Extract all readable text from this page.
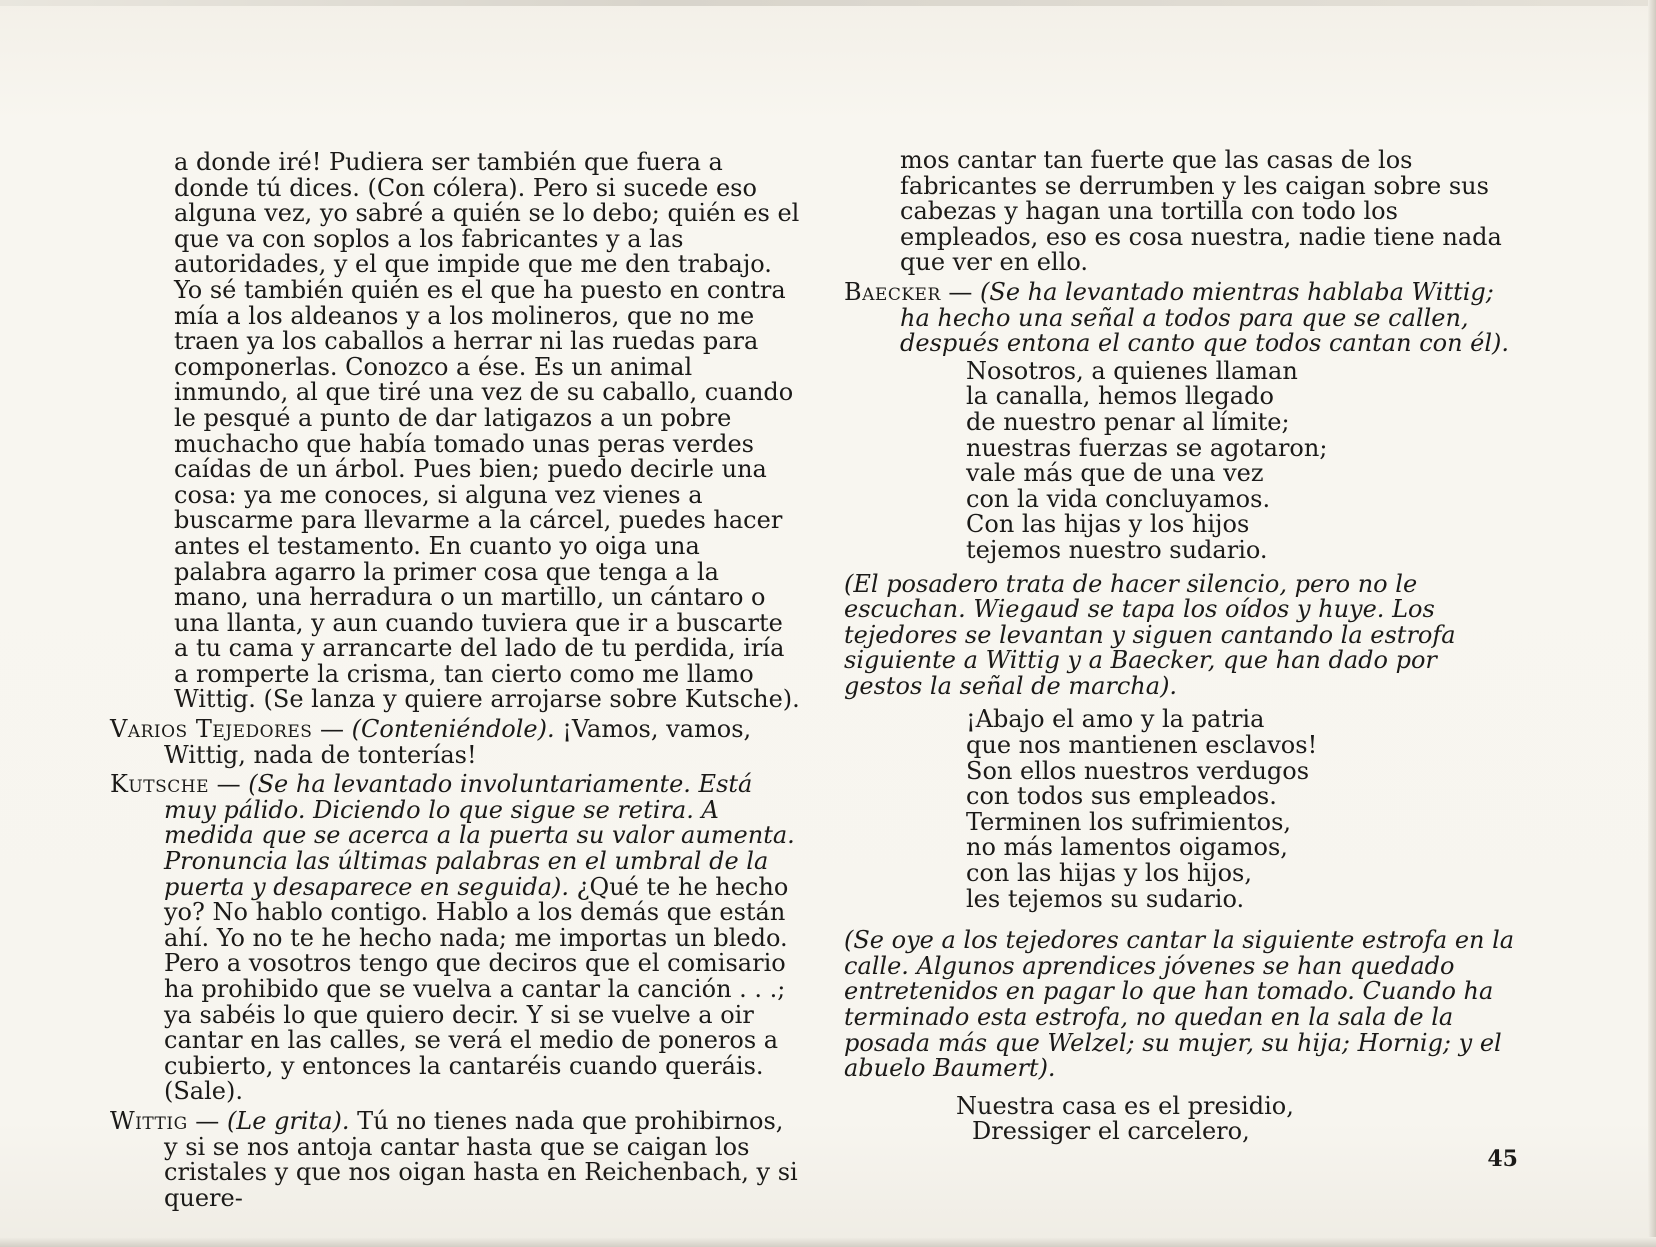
a donde iré! Pudiera ser también que fuera a donde tú dices. (Con cólera). Pero si sucede eso alguna vez, yo sabré a quién se lo debo; quién es el que va con soplos a los fabricantes y a las autoridades, y el que impide que me den trabajo. Yo sé también quién es el que ha puesto en contra mía a los aldeanos y a los molineros, que no me traen ya los caballos a herrar ni las ruedas para componerlas. Conozco a ése. Es un animal inmundo, al que tiré una vez de su caballo, cuando le pesqué a punto de dar latigazos a un pobre muchacho que había tomado unas peras verdes caídas de un árbol. Pues bien; puedo decirle una cosa: ya me conoces, si alguna vez vienes a buscarme para llevarme a la cárcel, puedes hacer antes el testamento. En cuanto yo oiga una palabra agarro la primer cosa que tenga a la mano, una herradura o un martillo, un cántaro o una llanta, y aun cuando tuviera que ir a buscarte a tu cama y arrancarte del lado de tu perdida, iría a romperte la crisma, tan cierto como me llamo Wittig. (Se lanza y quiere arrojarse sobre Kutsche).

Varios Tejedores — (Conteniéndole). ¡Vamos, vamos, Wittig, nada de tonterías!

Kutsche — (Se ha levantado involuntariamente. Está muy pálido. Diciendo lo que sigue se retira. A medida que se acerca a la puerta su valor aumenta. Pronuncia las últimas palabras en el umbral de la puerta y desaparece en seguida). ¿Qué te he hecho yo? No hablo contigo. Hablo a los demás que están ahí. Yo no te he hecho nada; me importas un bledo. Pero a vosotros tengo que deciros que el comisario ha prohibido que se vuelva a cantar la canción . . .; ya sabéis lo que quiero decir. Y si se vuelve a oir cantar en las calles, se verá el medio de poneros a cubierto, y entonces la cantaréis cuando queráis. (Sale).

Wittig — (Le grita). Tú no tienes nada que prohibirnos, y si se nos antoja cantar hasta que se caigan los cristales y que nos oigan hasta en Reichenbach, y si quere-

mos cantar tan fuerte que las casas de los fabricantes se derrumben y les caigan sobre sus cabezas y hagan una tortilla con todo los empleados, eso es cosa nuestra, nadie tiene nada que ver en ello.

Baecker — (Se ha levantado mientras hablaba Wittig; ha hecho una señal a todos para que se callen, después entona el canto que todos cantan con él).

Nosotros, a quienes llaman
la canalla, hemos llegado
de nuestro penar al límite;
nuestras fuerzas se agotaron;
vale más que de una vez
con la vida concluyamos.
Con las hijas y los hijos
tejemos nuestro sudario.

(El posadero trata de hacer silencio, pero no le escuchan. Wiegaud se tapa los oídos y huye. Los tejedores se levantan y siguen cantando la estrofa siguiente a Wittig y a Baecker, que han dado por gestos la señal de marcha).

¡Abajo el amo y la patria
que nos mantienen esclavos!
Son ellos nuestros verdugos
con todos sus empleados.
Terminen los sufrimientos,
no más lamentos oigamos,
con las hijas y los hijos,
les tejemos su sudario.

(Se oye a los tejedores cantar la siguiente estrofa en la calle. Algunos aprendices jóvenes se han quedado entretenidos en pagar lo que han tomado. Cuando ha terminado esta estrofa, no quedan en la sala de la posada más que Welzel; su mujer, su hija; Hornig; y el abuelo Baumert).

Nuestra casa es el presidio,
Dressiger el carcelero,
45
